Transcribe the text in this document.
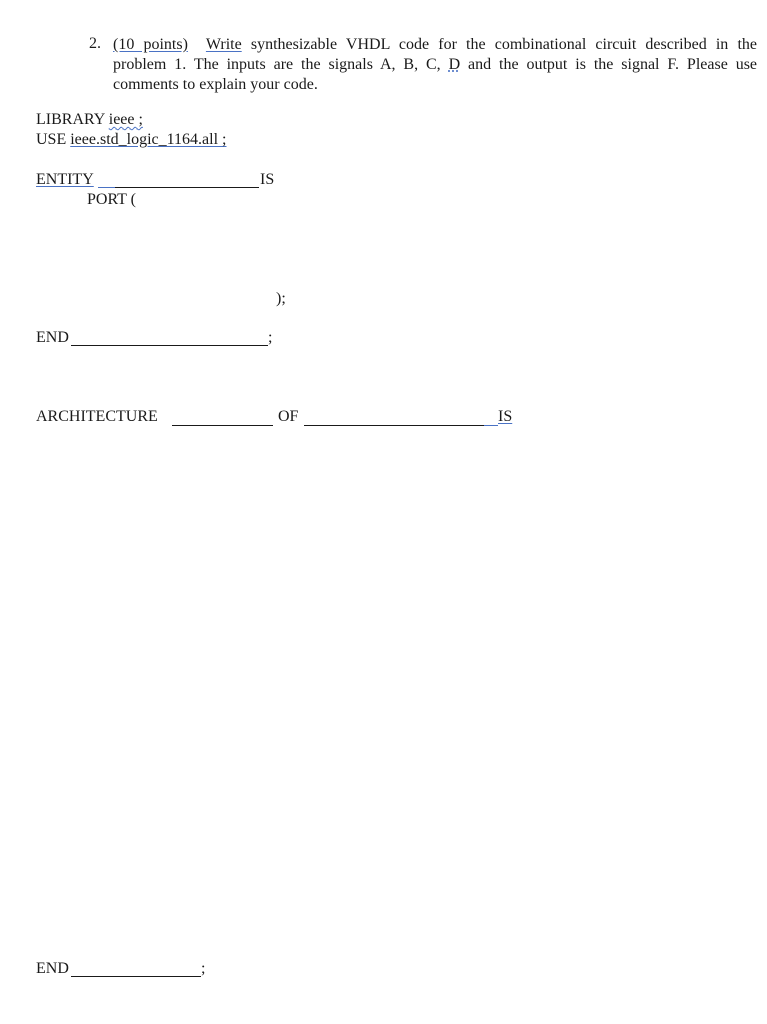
2. (10 points) Write synthesizable VHDL code for the combinational circuit described in the
problem 1. The inputs are the signals A, B, C, D and the output is the signal F. Please use
comments to explain your code.
LIBRARY ieee ;
USE ieee.std_logic_1164.all ;
ENTITY	IS
PORT (
);
END	;
ARCHITECTURE	OF	IS
END	;
